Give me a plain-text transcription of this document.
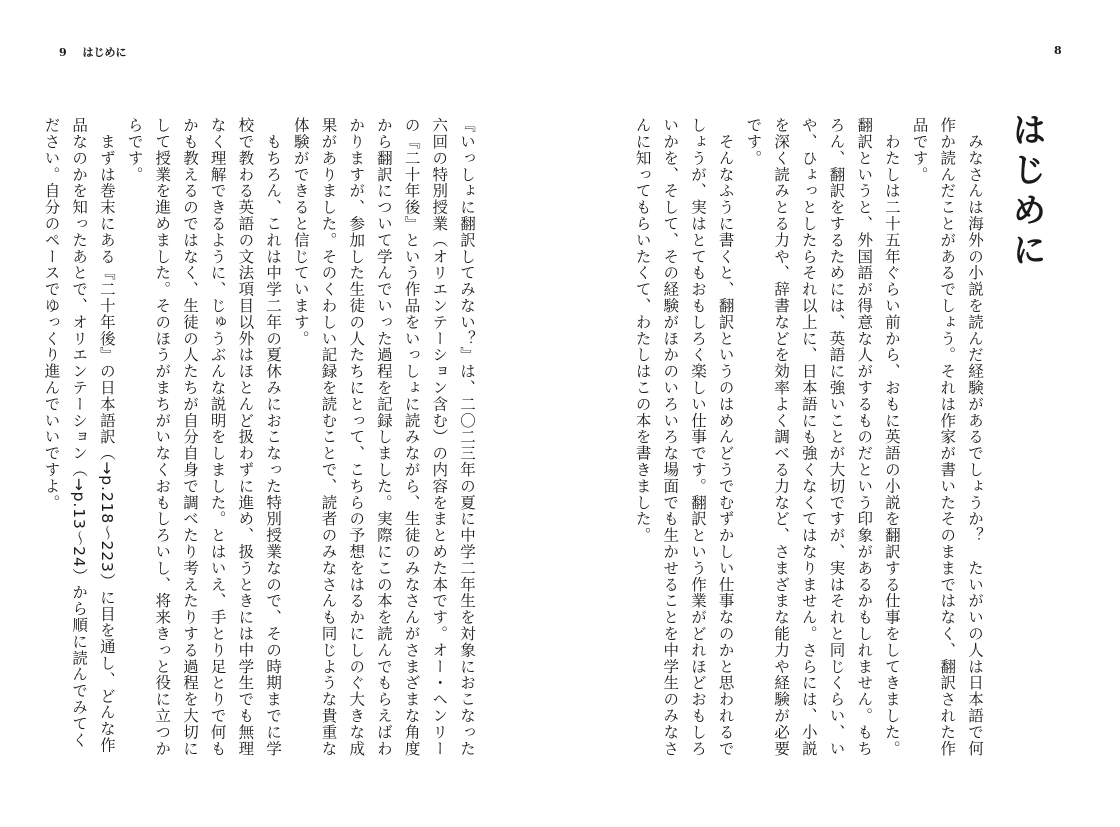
9 はじめに	8
はじめに

　みなさんは海外の小説を読んだ経験があるでしょうか？　たいがいの人は日本語で何

作か読んだことがあるでしょう。それは作家が書いたそのままではなく、翻訳された作

品です。

　わたしは二十五年ぐらい前から、おもに英語の小説を翻訳する仕事をしてきました。

翻訳というと、外国語が得意な人がするものだという印象があるかもしれません。もち

ろん、翻訳をするためには、英語に強いことが大切ですが、実はそれと同じくらい、い

や、ひょっとしたらそれ以上に、日本語にも強くなくてはなりません。さらには、小説

を深く読みとる力や、辞書などを効率よく調べる力など、さまざまな能力や経験が必要

です。

　そんなふうに書くと、翻訳というのはめんどうでむずかしい仕事なのかと思われるで

しょうが、実はとてもおもしろく楽しい仕事です。翻訳という作業がどれほどおもしろ

いかを、そして、その経験がほかのいろいろな場面でも生かせることを中学生のみなさ

んに知ってもらいたくて、わたしはこの本を書きました。

『いっしょに翻訳してみない？』は、二〇二三年の夏に中学二年生を対象におこなった

六回の特別授業（オリエンテーション含む）の内容をまとめた本です。オー・ヘンリー

の『二十年後』という作品をいっしょに読みながら、生徒のみなさんがさまざまな角度

から翻訳について学んでいった過程を記録しました。実際にこの本を読んでもらえばわ

かりますが、参加した生徒の人たちにとって、こちらの予想をはるかにしのぐ大きな成

果がありました。そのくわしい記録を読むことで、読者のみなさんも同じような貴重な

体験ができると信じています。

　もちろん、これは中学二年の夏休みにおこなった特別授業なので、その時期までに学

校で教わる英語の文法項目以外はほとんど扱わずに進め、扱うときには中学生でも無理

なく理解できるように、じゅうぶんな説明をしました。とはいえ、手とり足とりで何も

かも教えるのではなく、生徒の人たちが自分自身で調べたり考えたりする過程を大切に

して授業を進めました。そのほうがまちがいなくおもしろいし、将来きっと役に立つか

らです。

　まずは巻末にある『二十年後』の日本語訳（→p.218～223）に目を通し、どんな作

品なのかを知ったあとで、オリエンテーション（→p.13～24）から順に読んでみてく

ださい。自分のペースでゆっくり進んでいいですよ。
